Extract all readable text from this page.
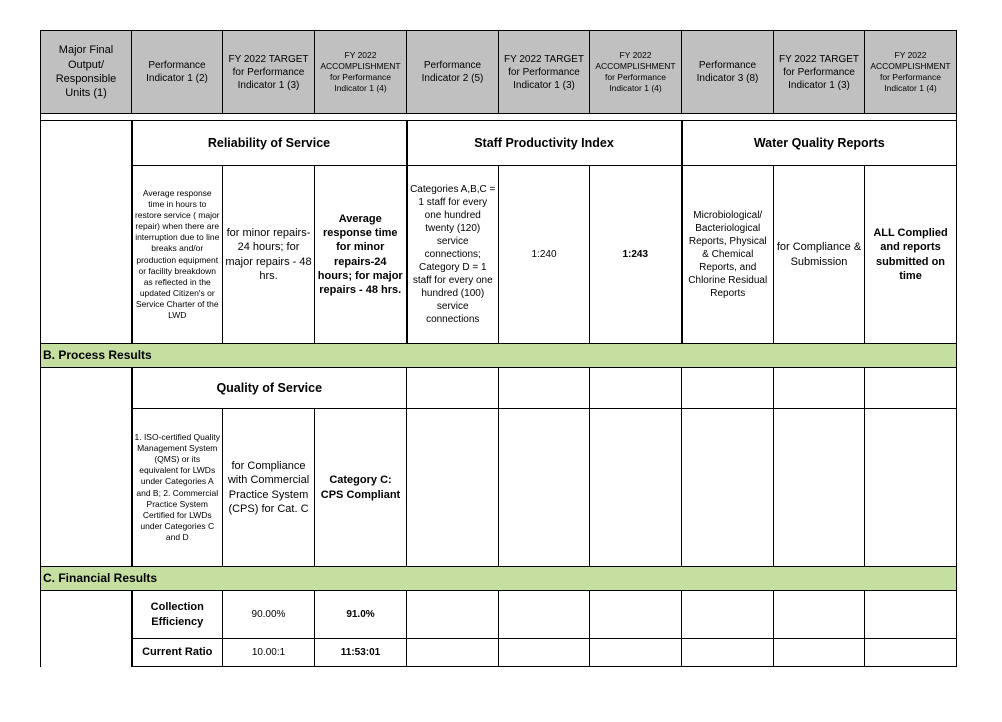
Major Final Output/ Responsible Units (1)	Performance Indicator 1 (2)	FY 2022 TARGET for Performance Indicator 1 (3)	FY 2022 ACCOMPLISHMENT for Performance Indicator 1 (4)	Performance Indicator 2 (5)	FY 2022 TARGET for Performance Indicator 1 (3)	FY 2022 ACCOMPLISHMENT for Performance Indicator 1 (4)	Performance Indicator 3 (8)	FY 2022 TARGET for Performance Indicator 1 (3)	FY 2022 ACCOMPLISHMENT for Performance Indicator 1 (4)

	Reliability of Service			Staff Productivity Index			Water Quality Reports		
	Average response time in hours to restore service ( major repair) when there are interruption due to line breaks and/or production equipment or facility breakdown as reflected in the updated Citizen's or Service Charter of the LWD	for minor repairs- 24 hours; for major repairs - 48 hrs.	Average response time for minor repairs-24 hours; for major repairs - 48 hrs.	Categories A,B,C = 1 staff for every one hundred twenty (120) service connections; Category D = 1 staff for every one hundred (100) service connections	1:240	1:243	Microbiological/ Bacteriological Reports, Physical & Chemical Reports, and Chlorine Residual Reports	for Compliance & Submission	ALL Complied and reports submitted on time
B. Process Results									
	Quality of Service								
	1. ISO-certified Quality Management System (QMS) or its equivalent for LWDs under Categories A and B; 2. Commercial Practice System Certified for LWDs under Categories C and D	for Compliance with Commercial Practice System (CPS) for Cat. C	Category C: CPS Compliant						
C. Financial Results									
	Collection Efficiency	90.00%	91.0%						
	Current Ratio	10.00:1	11:53:01						
